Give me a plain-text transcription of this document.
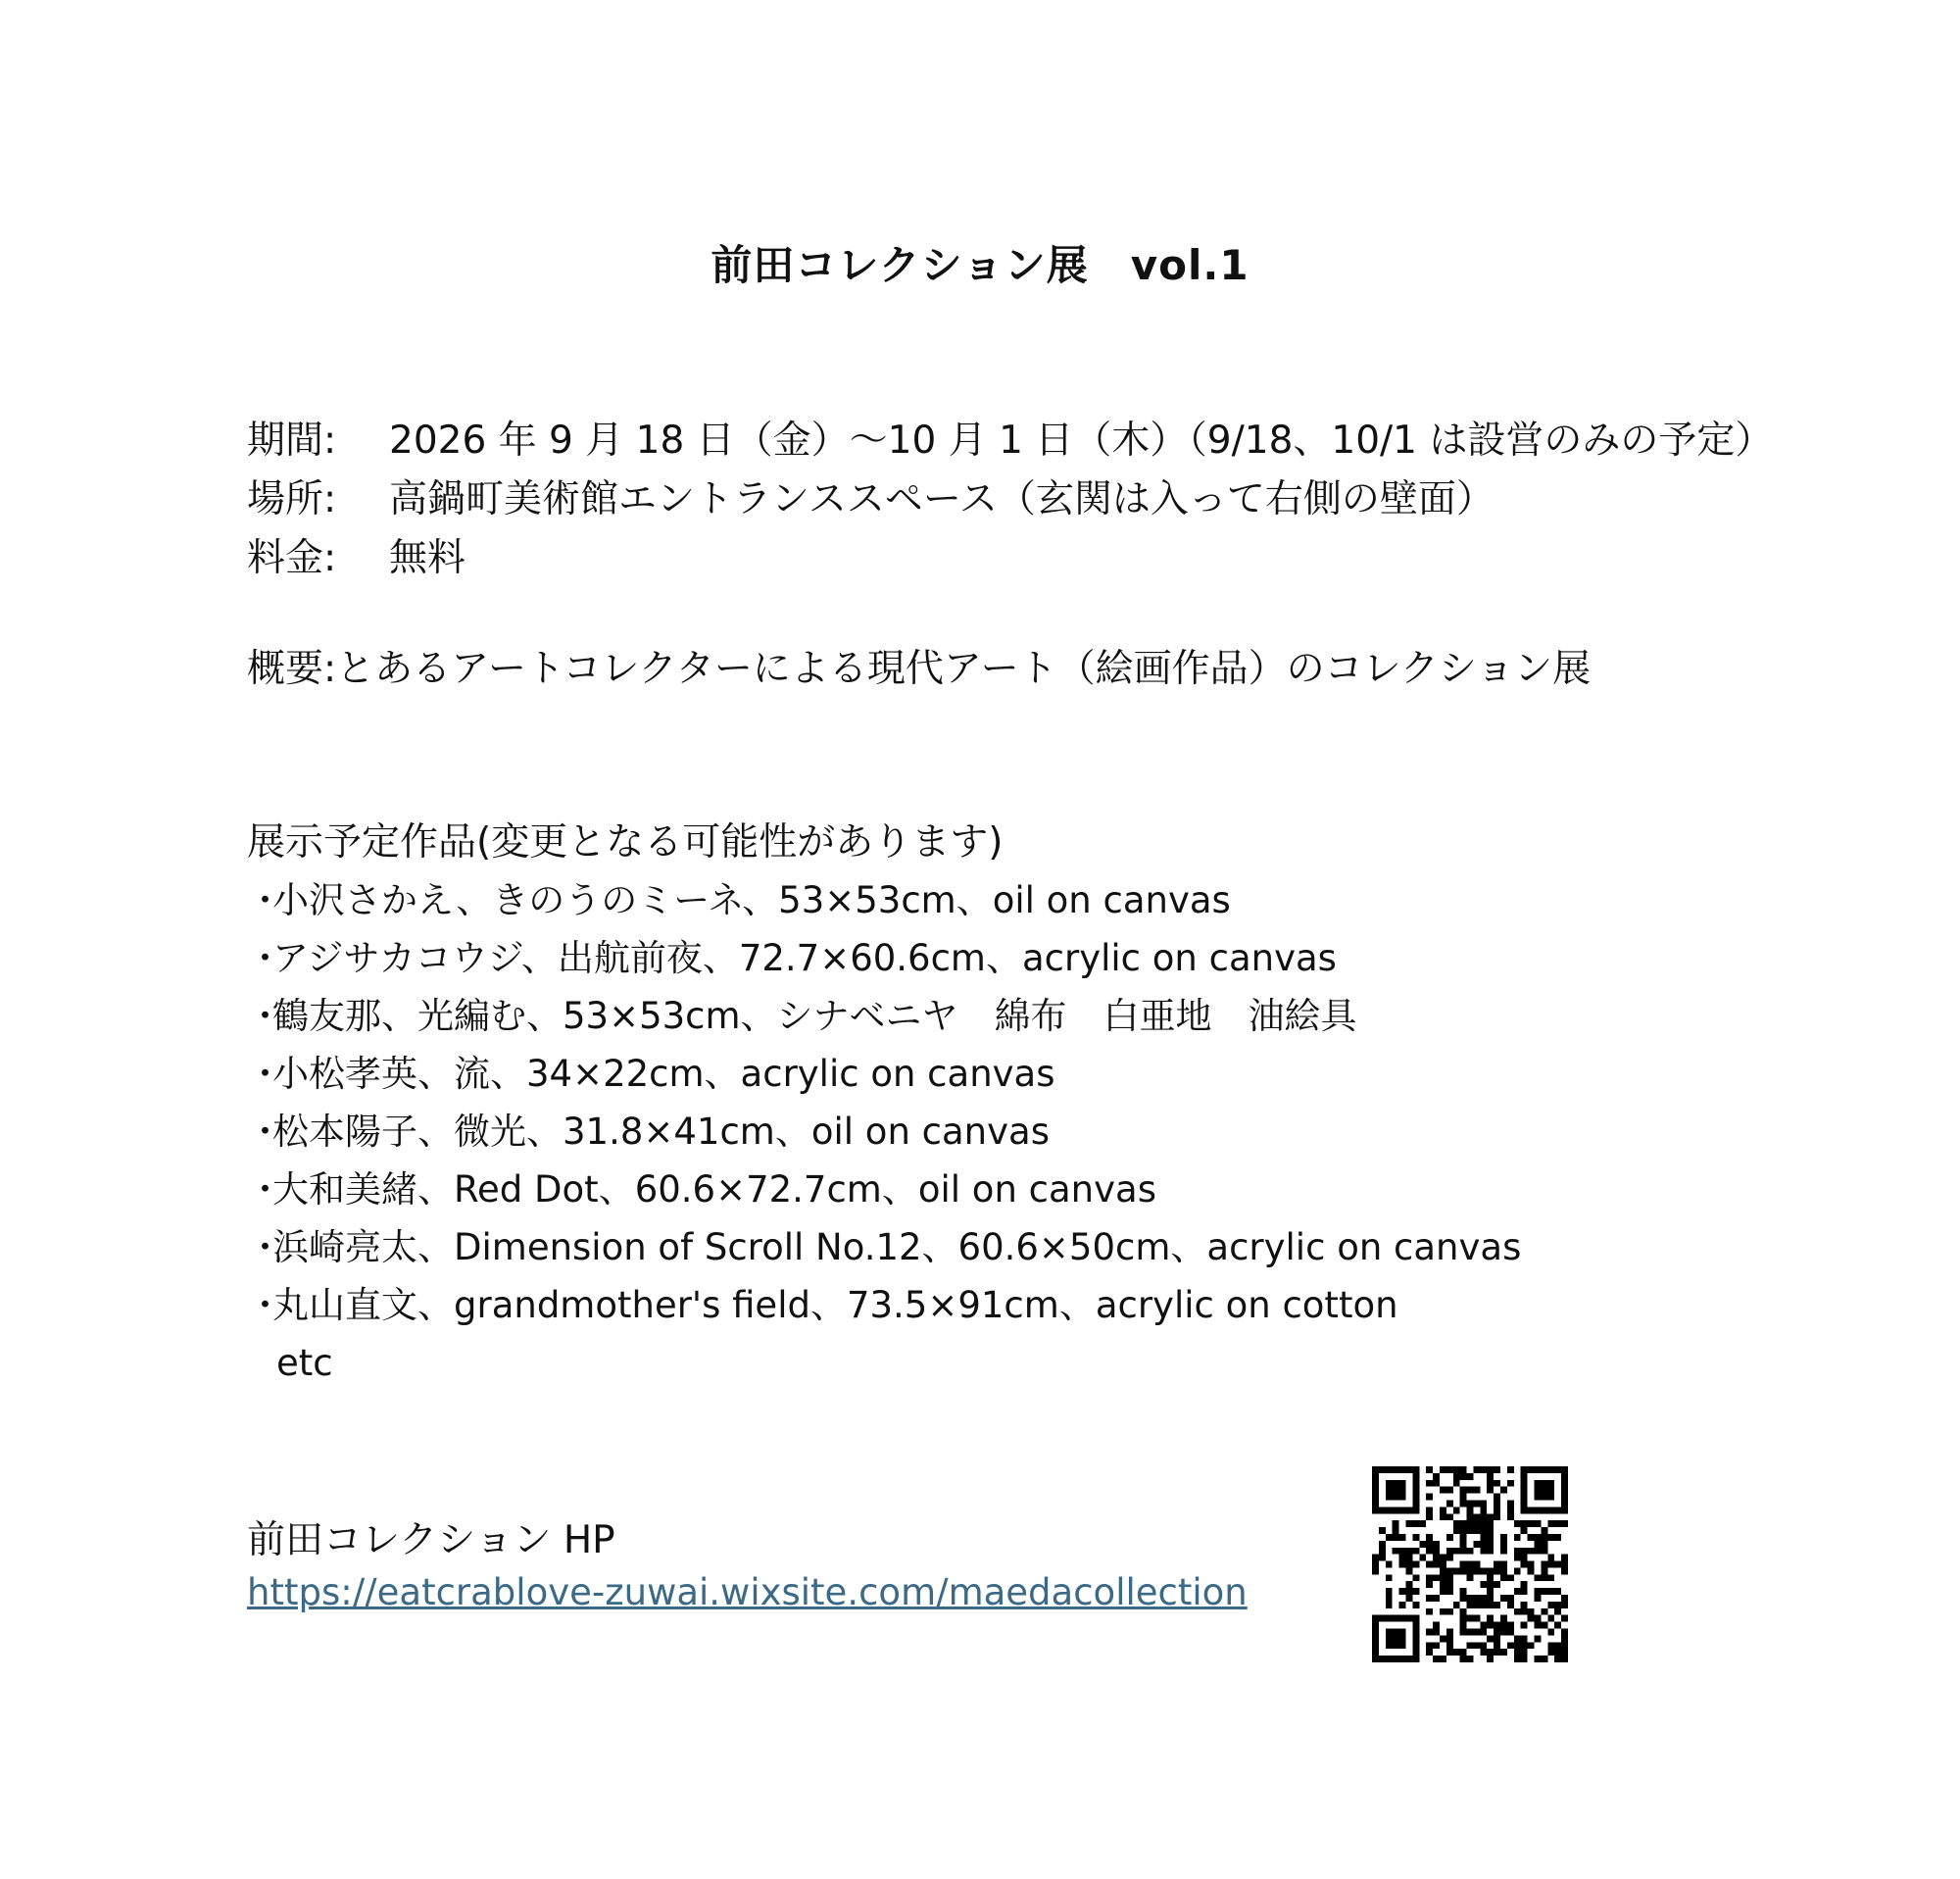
前田コレクション展　vol.1
期間:	2026 年 9 月 18 日（金）～10 月 1 日（木）（9/18、10/1 は設営のみの予定）
場所:	高鍋町美術館エントランススペース（玄関は入って右側の壁面）
料金:	無料
概要:とあるアートコレクターによる現代アート（絵画作品）のコレクション展
展示予定作品(変更となる可能性があります)
・
小沢さかえ、きのうのミーネ、53×53cm、oil on canvas
・
アジサカコウジ、出航前夜、72.7×60.6cm、acrylic on canvas
・
鶴友那、光編む、53×53cm、シナベニヤ　綿布　白亜地　油絵具
・
小松孝英、流、34×22cm、acrylic on canvas
・
松本陽子、微光、31.8×41cm、oil on canvas
・
大和美緒、Red Dot、60.6×72.7cm、oil on canvas
・
浜崎亮太、Dimension of Scroll No.12、60.6×50cm、acrylic on canvas
・
丸山直文、grandmother's field、73.5×91cm、acrylic on cotton
etc
前田コレクション HP
https://eatcrablove-zuwai.wixsite.com/maedacollection
